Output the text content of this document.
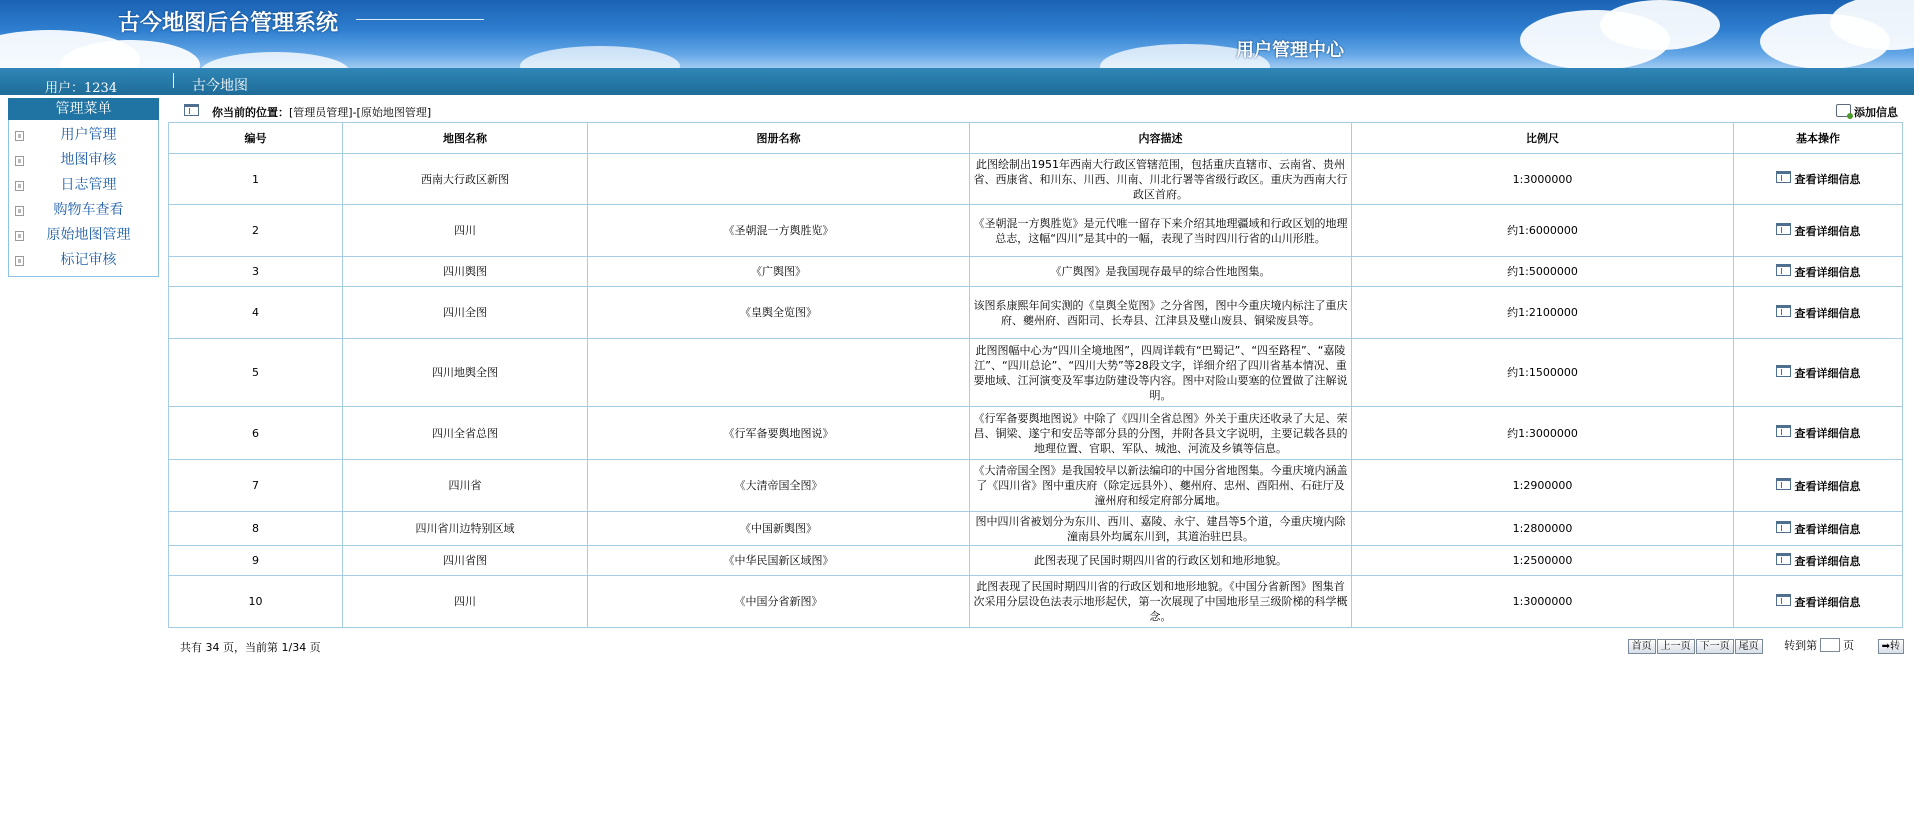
古今地图后台管理系统
用户管理中心
用户：1234	古今地图
管理菜单
用户管理
地图审核
日志管理
购物车查看
原始地图管理
标记审核
你当前的位置：[管理员管理]-[原始地图管理]	添加信息
编号	地图名称	图册名称	内容描述	比例尺	基本操作
1	西南大行政区新图		此图绘制出1951年西南大行政区管辖范围，包括重庆直辖市、云南省、贵州省、西康省、和川东、川西、川南、川北行署等省级行政区。重庆为西南大行政区首府。	1:3000000	查看详细信息
2	四川	《圣朝混一方舆胜览》	《圣朝混一方舆胜览》是元代唯一留存下来介绍其地理疆域和行政区划的地理总志，这幅“四川”是其中的一幅，表现了当时四川行省的山川形胜。	约1:6000000	查看详细信息
3	四川舆图	《广舆图》	《广舆图》是我国现存最早的综合性地图集。	约1:5000000	查看详细信息
4	四川全图	《皇舆全览图》	该图系康熙年间实测的《皇舆全览图》之分省图，图中今重庆境内标注了重庆府、夔州府、酉阳司、长寿县、江津县及璧山废县、铜梁废县等。	约1:2100000	查看详细信息
5	四川地舆全图		此图图幅中心为“四川全境地图”，四周详载有“巴蜀记”、“四至路程”、“嘉陵江”、“四川总论”、“四川大势”等28段文字，详细介绍了四川省基本情况、重要地域、江河演变及军事边防建设等内容。图中对险山要塞的位置做了注解说明。	约1:1500000	查看详细信息
6	四川全省总图	《行军备要舆地图说》	《行军备要舆地图说》中除了《四川全省总图》外关于重庆还收录了大足、荣昌、铜梁、遂宁和安岳等部分县的分图，并附各县文字说明，主要记载各县的地理位置、官职、军队、城池、河流及乡镇等信息。	约1:3000000	查看详细信息
7	四川省	《大清帝国全图》	《大清帝国全图》是我国较早以新法编印的中国分省地图集。今重庆境内涵盖了《四川省》图中重庆府（除定远县外）、夔州府、忠州、酉阳州、石砫厅及潼州府和绥定府部分属地。	1:2900000	查看详细信息
8	四川省川边特别区域	《中国新舆图》	图中四川省被划分为东川、西川、嘉陵、永宁、建昌等5个道，今重庆境内除潼南县外均属东川到，其道治驻巴县。	1:2800000	查看详细信息
9	四川省图	《中华民国新区域图》	此图表现了民国时期四川省的行政区划和地形地貌。	1:2500000	查看详细信息
10	四川	《中国分省新图》	此图表现了民国时期四川省的行政区划和地形地貌。《中国分省新图》图集首次采用分层设色法表示地形起伏，第一次展现了中国地形呈三级阶梯的科学概念。	1:3000000	查看详细信息
共有 34 页，当前第 1/34 页	首页 上一页 下一页 尾页 转到第 页	➡转
